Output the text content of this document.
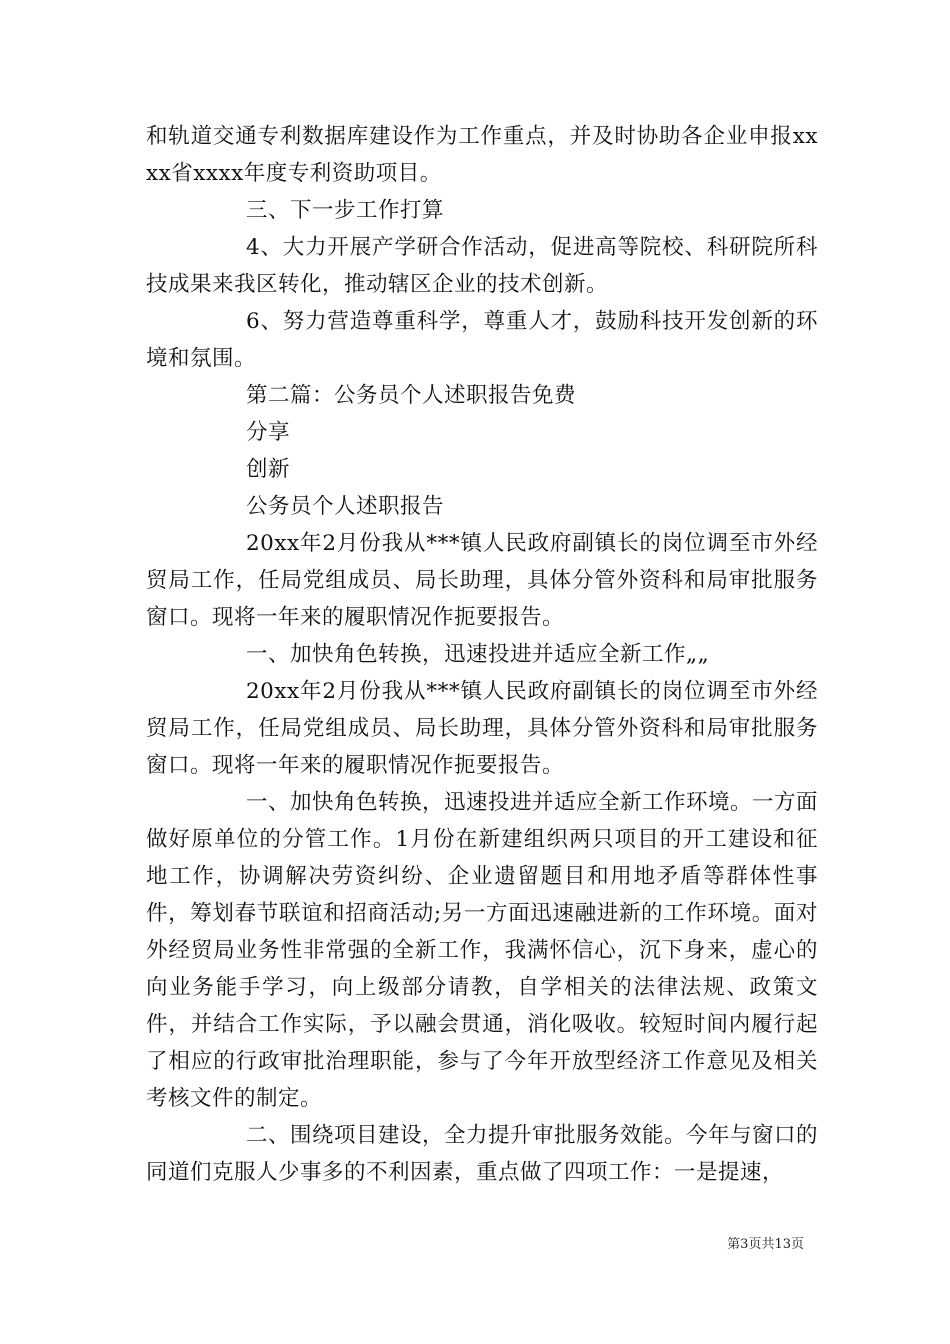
和轨道交通专利数据库建设作为工作重点，并及时协助各企业申报xxxx省xxxx年度专利资助项目。

三、下一步工作打算

4、大力开展产学研合作活动，促进高等院校、科研院所科技成果来我区转化，推动辖区企业的技术创新。

6、努力营造尊重科学，尊重人才，鼓励科技开发创新的环境和氛围。

第二篇：公务员个人述职报告免费

分享

创新

公务员个人述职报告

20xx年2月份我从***镇人民政府副镇长的岗位调至市外经贸局工作，任局党组成员、局长助理，具体分管外资科和局审批服务窗口。现将一年来的履职情况作扼要报告。

一、加快角色转换，迅速投进并适应全新工作„„

20xx年2月份我从***镇人民政府副镇长的岗位调至市外经贸局工作，任局党组成员、局长助理，具体分管外资科和局审批服务窗口。现将一年来的履职情况作扼要报告。

一、加快角色转换，迅速投进并适应全新工作环境。一方面做好原单位的分管工作。1月份在新建组织两只项目的开工建设和征地工作，协调解决劳资纠纷、企业遗留题目和用地矛盾等群体性事件，筹划春节联谊和招商活动;另一方面迅速融进新的工作环境。面对外经贸局业务性非常强的全新工作，我满怀信心，沉下身来，虚心的向业务能手学习，向上级部分请教，自学相关的法律法规、政策文件，并结合工作实际，予以融会贯通，消化吸收。较短时间内履行起了相应的行政审批治理职能，参与了今年开放型经济工作意见及相关考核文件的制定。

二、围绕项目建设，全力提升审批服务效能。今年与窗口的同道们克服人少事多的不利因素，重点做了四项工作：一是提速，

第3页共13页
